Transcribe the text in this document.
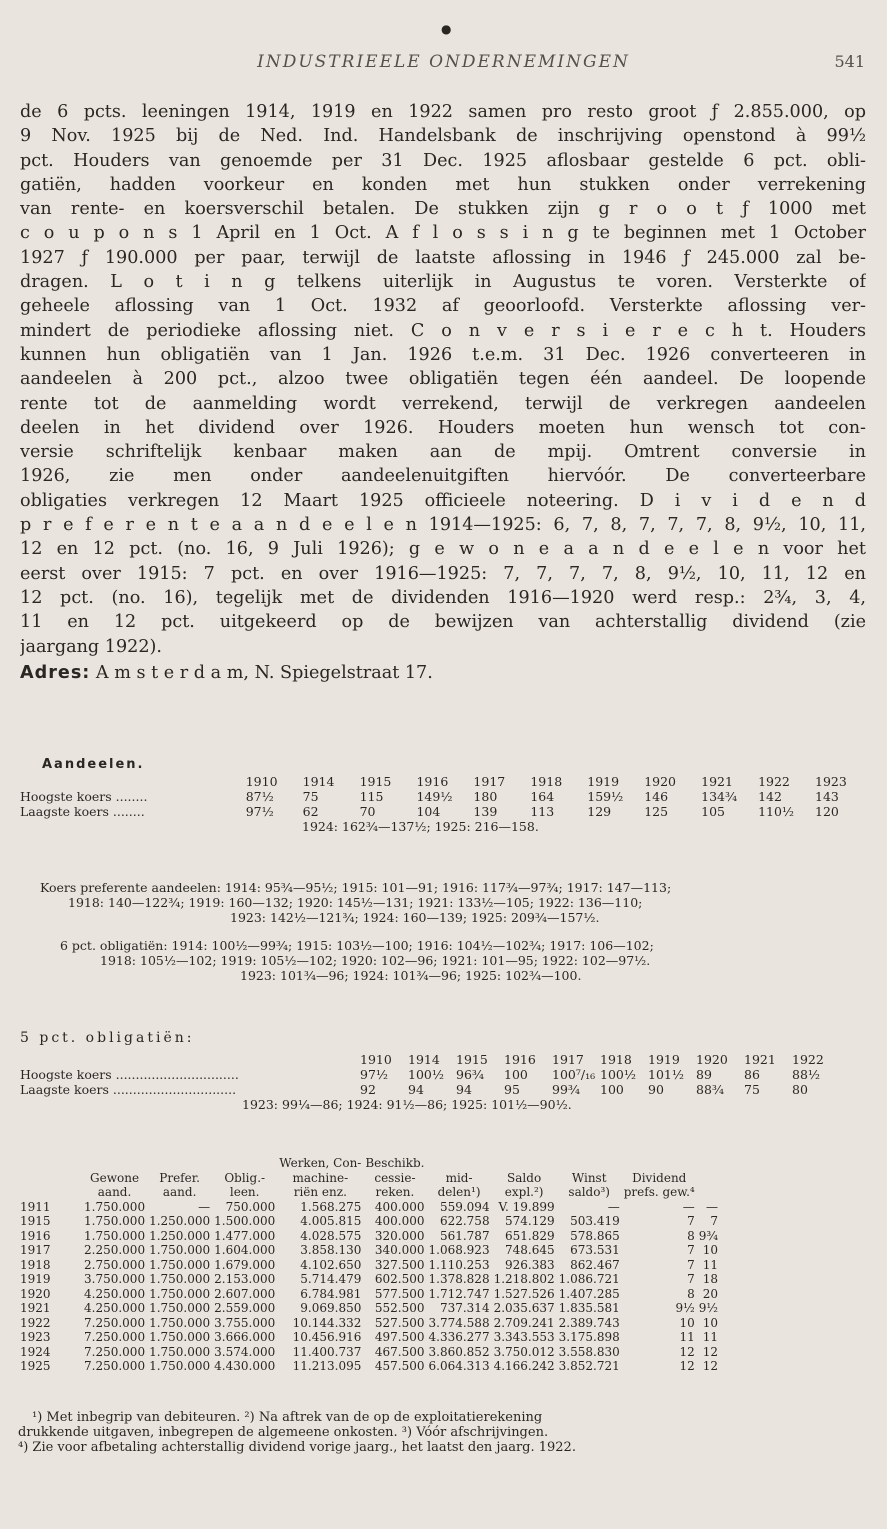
●
INDUSTRIEELE ONDERNEMINGEN	541

de 6 pcts. leeningen 1914, 1919 en 1922 samen pro resto groot ƒ 2.855.000, op

9 Nov. 1925 bij de Ned. Ind. Handelsbank de inschrijving openstond à 99½

pct. Houders van genoemde per 31 Dec. 1925 aflosbaar gestelde 6 pct. obli-

gatiën, hadden voorkeur en konden met hun stukken onder verrekening

van rente- en koersverschil betalen. De stukken zijn g r o o t ƒ 1000 met

c o u p o n s 1 April en 1 Oct. A f l o s s i n g te beginnen met 1 October

1927 ƒ 190.000 per paar, terwijl de laatste aflossing in 1946 ƒ 245.000 zal be-

dragen. L o t i n g telkens uiterlijk in Augustus te voren. Versterkte of

geheele aflossing van 1 Oct. 1932 af geoorloofd. Versterkte aflossing ver-

mindert de periodieke aflossing niet. C o n v e r s i e r e c h t. Houders

kunnen hun obligatiën van 1 Jan. 1926 t.e.m. 31 Dec. 1926 converteeren in

aandeelen à 200 pct., alzoo twee obligatiën tegen één aandeel. De loopende

rente tot de aanmelding wordt verrekend, terwijl de verkregen aandeelen

deelen in het dividend over 1926. Houders moeten hun wensch tot con-

versie schriftelijk kenbaar maken aan de mpij. Omtrent conversie in

1926, zie men onder aandeelenuitgiften hiervóór. De converteerbare

obligaties verkregen 12 Maart 1925 officieele noteering. D i v i d e n d

p r e f e r e n t e a a n d e e l e n 1914—1925: 6, 7, 8, 7, 7, 7, 8, 9½, 10, 11,

12 en 12 pct. (no. 16, 9 Juli 1926); g e w o n e a a n d e e l e n voor het

eerst over 1915: 7 pct. en over 1916—1925: 7, 7, 7, 7, 8, 9½, 10, 11, 12 en

12 pct. (no. 16), tegelijk met de dividenden 1916—1920 werd resp.: 2¾, 3, 4,

11 en 12 pct. uitgekeerd op de bewijzen van achterstallig dividend (zie

jaargang 1922).

Adres: A m s t e r d a m, N. Spiegelstraat 17.
Aandeelen.
	1910	1914	1915	1916	1917	1918	1919	1920	1921	1922	1923
Hoogste koers ........	87½	75	115	149½	180	164	159½	146	134¾	142	143
Laagste koers ........	97½	62	70	104	139	113	129	125	105	110½	120
1924: 162¾—137½; 1925: 216—158.
Koers preferente aandeelen: 1914: 95¾—95½; 1915: 101—91; 1916: 117¾—97¾; 1917: 147—113;
1918: 140—122¾; 1919: 160—132; 1920: 145½—131; 1921: 133½—105; 1922: 136—110;
1923: 142½—121¾; 1924: 160—139; 1925: 209¾—157½.
6 pct. obligatiën: 1914: 100½—99¾; 1915: 103½—100; 1916: 104½—102¾; 1917: 106—102;
1918: 105½—102; 1919: 105½—102; 1920: 102—96; 1921: 101—95; 1922: 102—97½.
1923: 101¾—96; 1924: 101¾—96; 1925: 102¾—100.
5 pct. obligatiën:
	1910	1914	1915	1916	1917	1918	1919	1920	1921	1922
Hoogste koers ...............................	97½	100½	96¾	100	100⁷/₁₆	100½	101½	89	86	88½
Laagste koers ...............................	92	94	94	95	99¾	100	90	88¾	75	80
1923: 99¼—86; 1924: 91½—86; 1925: 101½—90½.
				Werken, Con-	Beschikb.					
	Gewone	Prefer.	Oblig.-	machine-	cessie-	mid-	Saldo	Winst	Dividend	
	aand.	aand.	leen.	riën enz.	reken.	delen¹)	expl.²)	saldo³)	prefs. gew.⁴	
1911	1.750.000	—	750.000	1.568.275	400.000	559.094	V. 19.899	—	—	—
1915	1.750.000	1.250.000	1.500.000	4.005.815	400.000	622.758	574.129	503.419	7	7
1916	1.750.000	1.250.000	1.477.000	4.028.575	320.000	561.787	651.829	578.865	8	9¾
1917	2.250.000	1.750.000	1.604.000	3.858.130	340.000	1.068.923	748.645	673.531	7	10
1918	2.750.000	1.750.000	1.679.000	4.102.650	327.500	1.110.253	926.383	862.467	7	11
1919	3.750.000	1.750.000	2.153.000	5.714.479	602.500	1.378.828	1.218.802	1.086.721	7	18
1920	4.250.000	1.750.000	2.607.000	6.784.981	577.500	1.712.747	1.527.526	1.407.285	8	20
1921	4.250.000	1.750.000	2.559.000	9.069.850	552.500	737.314	2.035.637	1.835.581	9½	9½
1922	7.250.000	1.750.000	3.755.000	10.144.332	527.500	3.774.588	2.709.241	2.389.743	10	10
1923	7.250.000	1.750.000	3.666.000	10.456.916	497.500	4.336.277	3.343.553	3.175.898	11	11
1924	7.250.000	1.750.000	3.574.000	11.400.737	467.500	3.860.852	3.750.012	3.558.830	12	12
1925	7.250.000	1.750.000	4.430.000	11.213.095	457.500	6.064.313	4.166.242	3.852.721	12	12
¹) Met inbegrip van debiteuren. ²) Na aftrek van de op de exploitatierekening
drukkende uitgaven, inbegrepen de algemeene onkosten. ³) Vóór afschrijvingen.
⁴) Zie voor afbetaling achterstallig dividend vorige jaarg., het laatst den jaarg. 1922.
